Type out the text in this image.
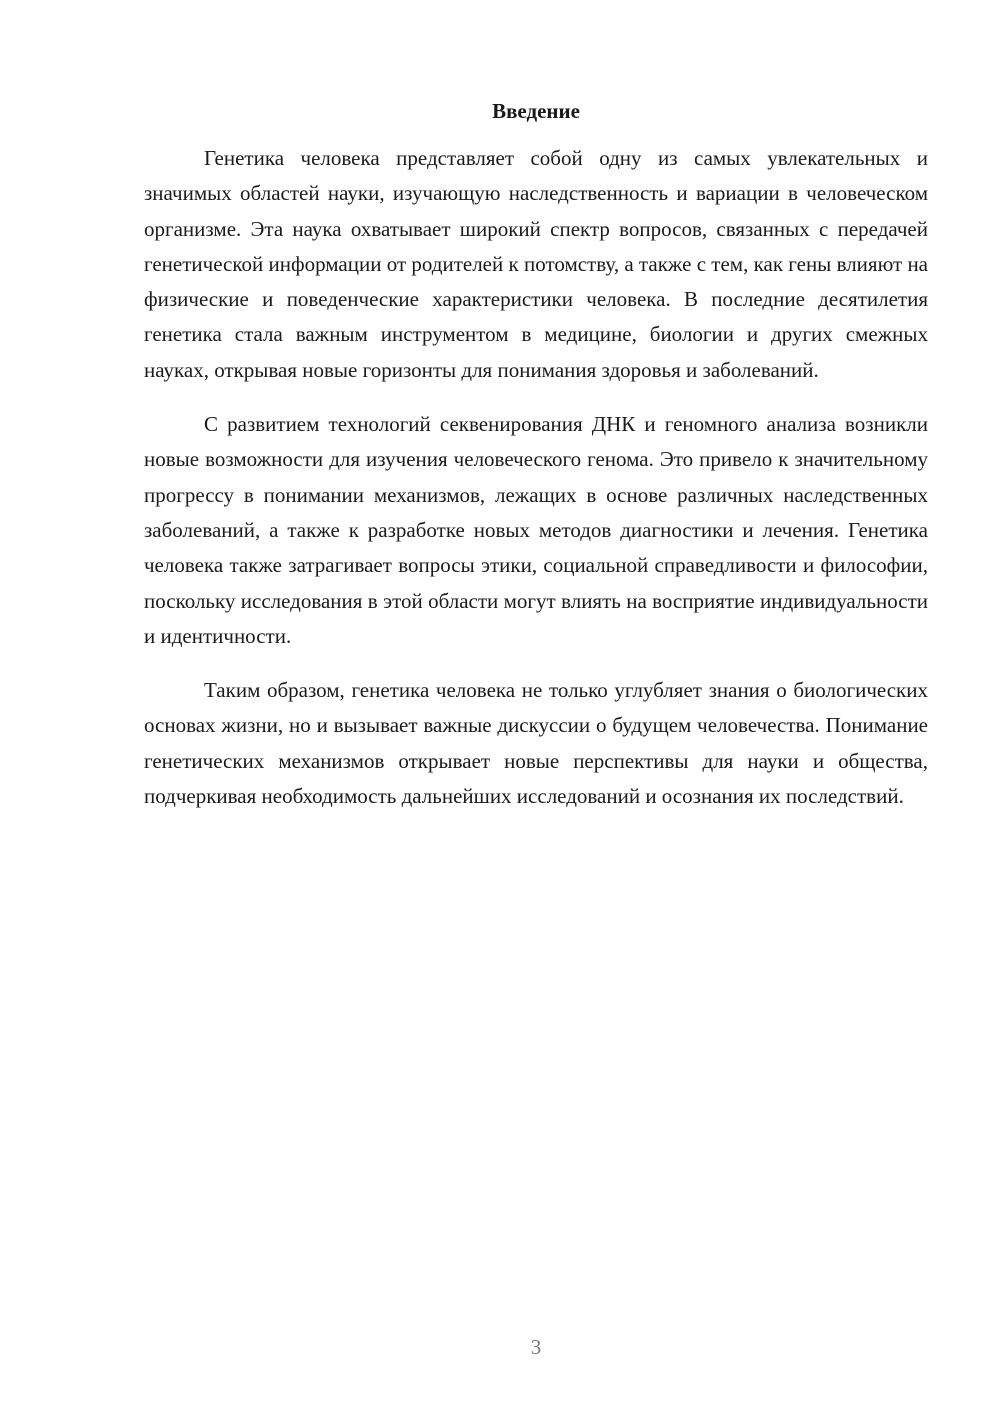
Введение

Генетика человека представляет собой одну из самых увлекательных и значимых областей науки, изучающую наследственность и вариации в человеческом организме. Эта наука охватывает широкий спектр вопросов, связанных с передачей генетической информации от родителей к потомству, а также с тем, как гены влияют на физические и поведенческие характеристики человека. В последние десятилетия генетика стала важным инструментом в медицине, биологии и других смежных науках, открывая новые горизонты для понимания здоровья и заболеваний.

С развитием технологий секвенирования ДНК и геномного анализа возникли новые возможности для изучения человеческого генома. Это привело к значительному прогрессу в понимании механизмов, лежащих в основе различных наследственных заболеваний, а также к разработке новых методов диагностики и лечения. Генетика человека также затрагивает вопросы этики, социальной справедливости и философии, поскольку исследования в этой области могут влиять на восприятие индивидуальности и идентичности.

Таким образом, генетика человека не только углубляет знания о биологических основах жизни, но и вызывает важные дискуссии о будущем человечества. Понимание генетических механизмов открывает новые перспективы для науки и общества, подчеркивая необходимость дальнейших исследований и осознания их последствий.

3
